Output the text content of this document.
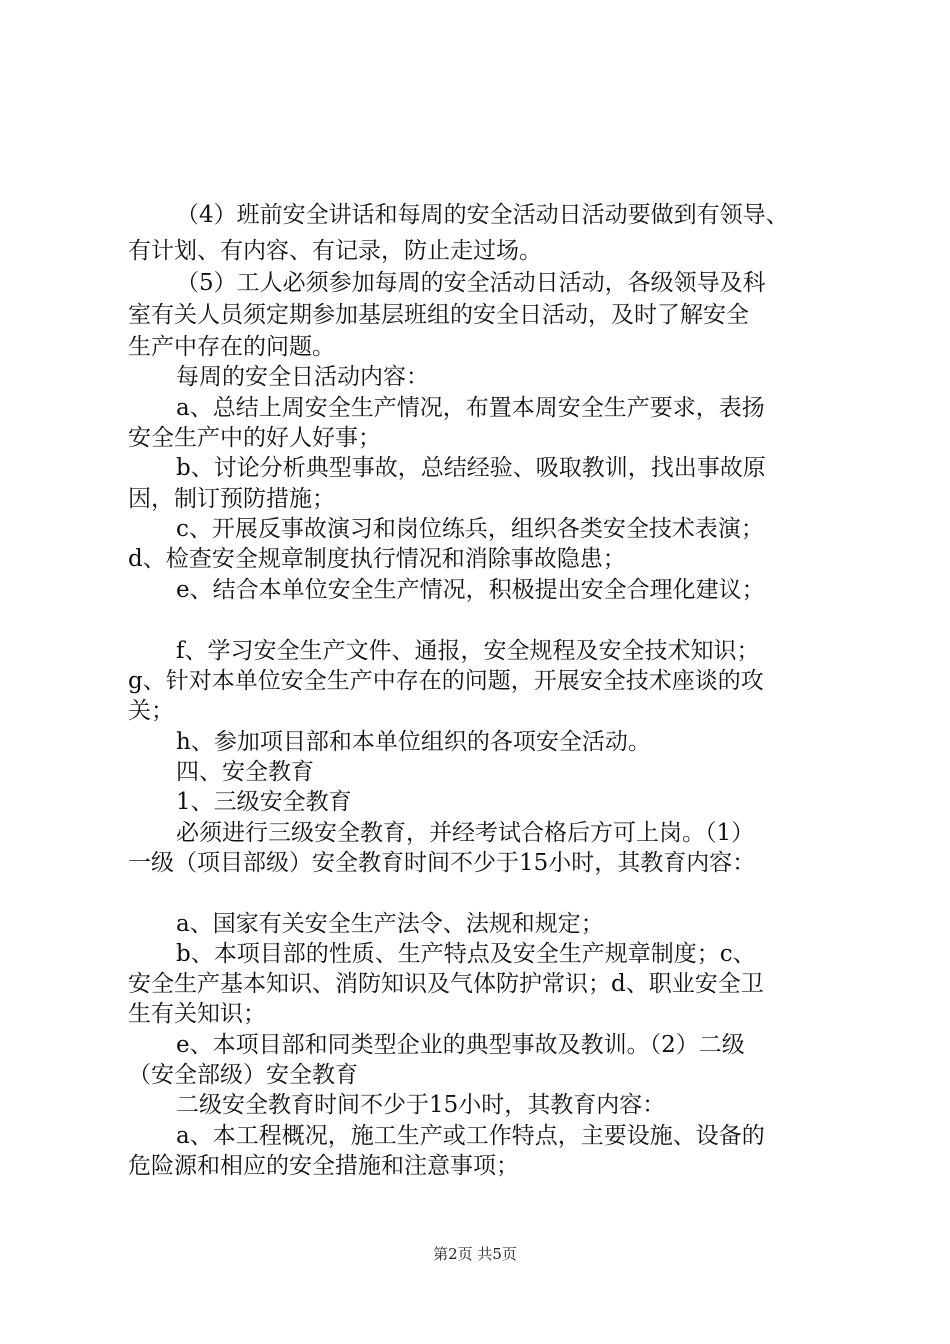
（4）班前安全讲话和每周的安全活动日活动要做到有领导、
有计划、有内容、有记录，防止走过场。
（5）工人必须参加每周的安全活动日活动，各级领导及科
室有关人员须定期参加基层班组的安全日活动，及时了解安全
生产中存在的问题。
每周的安全日活动内容：
a、总结上周安全生产情况，布置本周安全生产要求，表扬
安全生产中的好人好事；
b、讨论分析典型事故，总结经验、吸取教训，找出事故原
因，制订预防措施；
c、开展反事故演习和岗位练兵，组织各类安全技术表演；
d、检查安全规章制度执行情况和消除事故隐患；
e、结合本单位安全生产情况，积极提出安全合理化建议；
f、学习安全生产文件、通报，安全规程及安全技术知识；
g、针对本单位安全生产中存在的问题，开展安全技术座谈的攻
关；
h、参加项目部和本单位组织的各项安全活动。
四、安全教育
1、三级安全教育
必须进行三级安全教育，并经考试合格后方可上岗。（1）
一级（项目部级）安全教育时间不少于15小时，其教育内容：
a、国家有关安全生产法令、法规和规定；
b、本项目部的性质、生产特点及安全生产规章制度；c、
安全生产基本知识、消防知识及气体防护常识；d、职业安全卫
生有关知识；
e、本项目部和同类型企业的典型事故及教训。（2）二级
（安全部级）安全教育
二级安全教育时间不少于15小时，其教育内容：
a、本工程概况，施工生产或工作特点，主要设施、设备的
危险源和相应的安全措施和注意事项；
第2页 共5页
